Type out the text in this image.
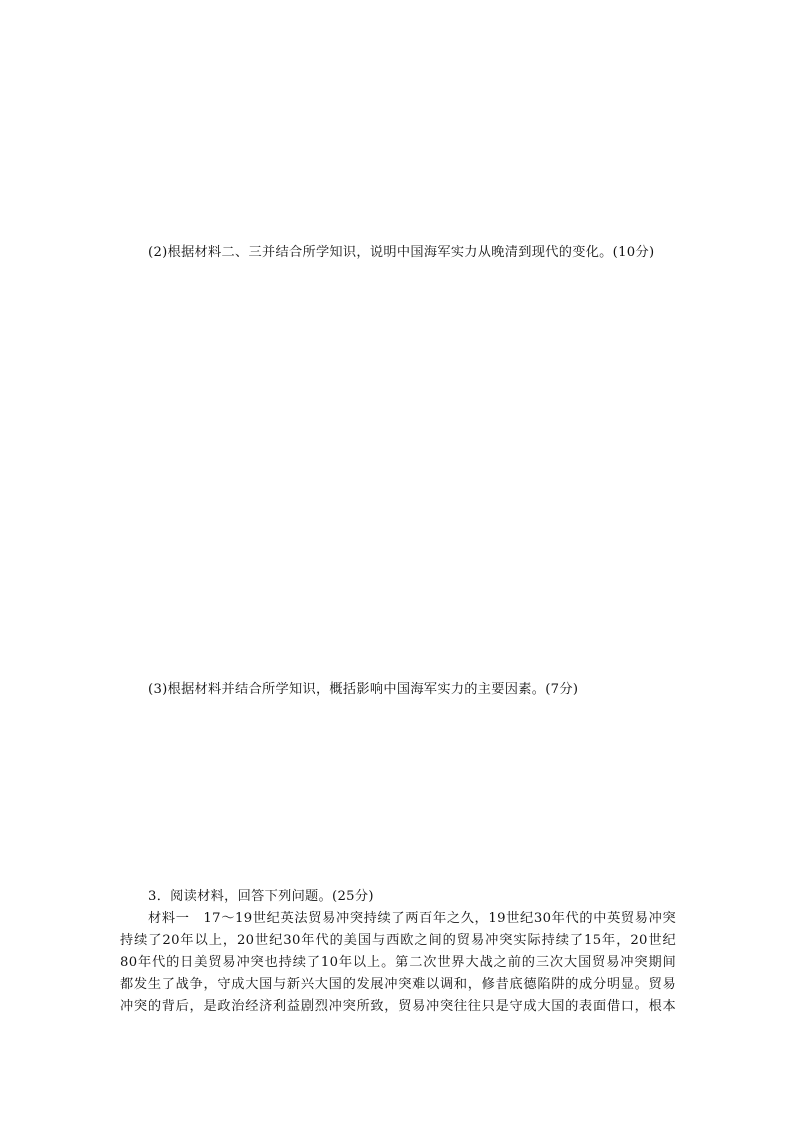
(2)根据材料二、三并结合所学知识，说明中国海军实力从晚清到现代的变化。(10分)
(3)根据材料并结合所学知识，概括影响中国海军实力的主要因素。(7分)
3．阅读材料，回答下列问题。(25分)
材料一　17～19世纪英法贸易冲突持续了两百年之久，19世纪30年代的中英贸易冲突
持续了20年以上，20世纪30年代的美国与西欧之间的贸易冲突实际持续了15年，20世纪
80年代的日美贸易冲突也持续了10年以上。第二次世界大战之前的三次大国贸易冲突期间
都发生了战争，守成大国与新兴大国的发展冲突难以调和，修昔底德陷阱的成分明显。贸易
冲突的背后，是政治经济利益剧烈冲突所致，贸易冲突往往只是守成大国的表面借口，根本
